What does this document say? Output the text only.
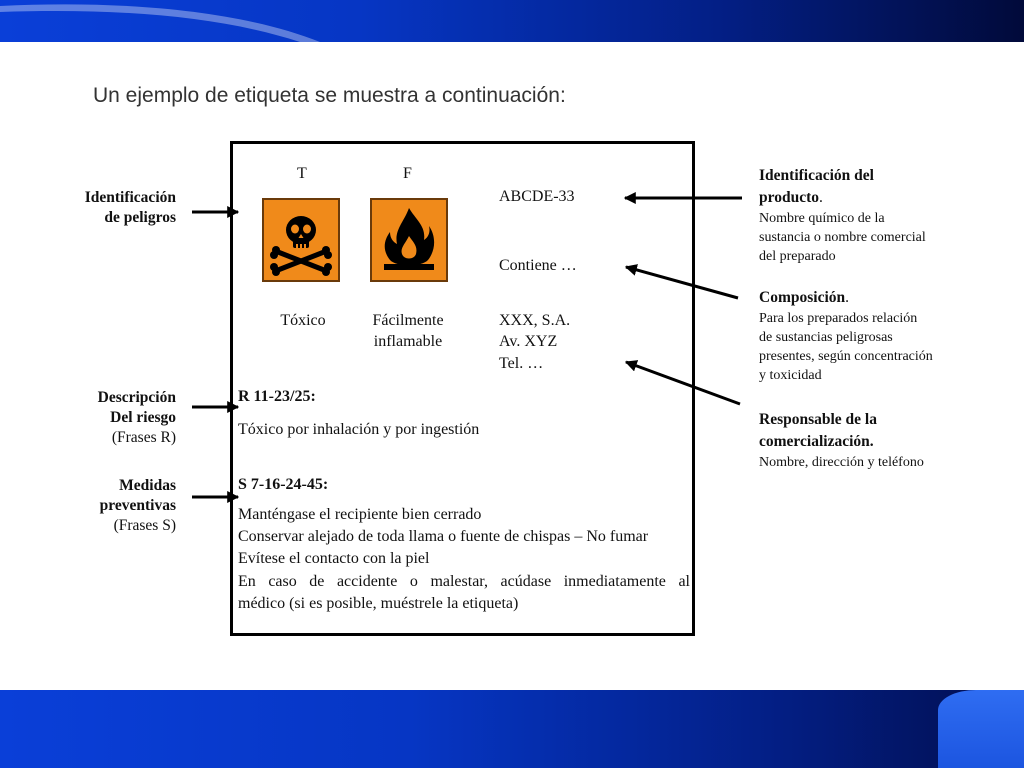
Un ejemplo de etiqueta se muestra a continuación:
T	F
Tóxico	Fácilmente
inflamable
ABCDE-33
Contiene …
XXX, S.A.
Av. XYZ
Tel. …
R 11-23/25:
Tóxico por inhalación y por ingestión
S 7-16-24-45:
Manténgase el recipiente bien cerrado
Conservar alejado de toda llama o fuente de chispas – No fumar
Evítese el contacto con la piel
En caso de accidente o malestar, acúdase inmediatamente al
médico (si es posible, muéstrele la etiqueta)
Identificación
de peligros
Descripción
Del riesgo
(Frases R)
Medidas
preventivas
(Frases S)
Identificación del
producto.
Nombre químico de la
sustancia o nombre comercial
del preparado
Composición.
Para los preparados relación
de sustancias peligrosas
presentes, según concentración
y toxicidad
Responsable de la
comercialización.
Nombre, dirección y teléfono
